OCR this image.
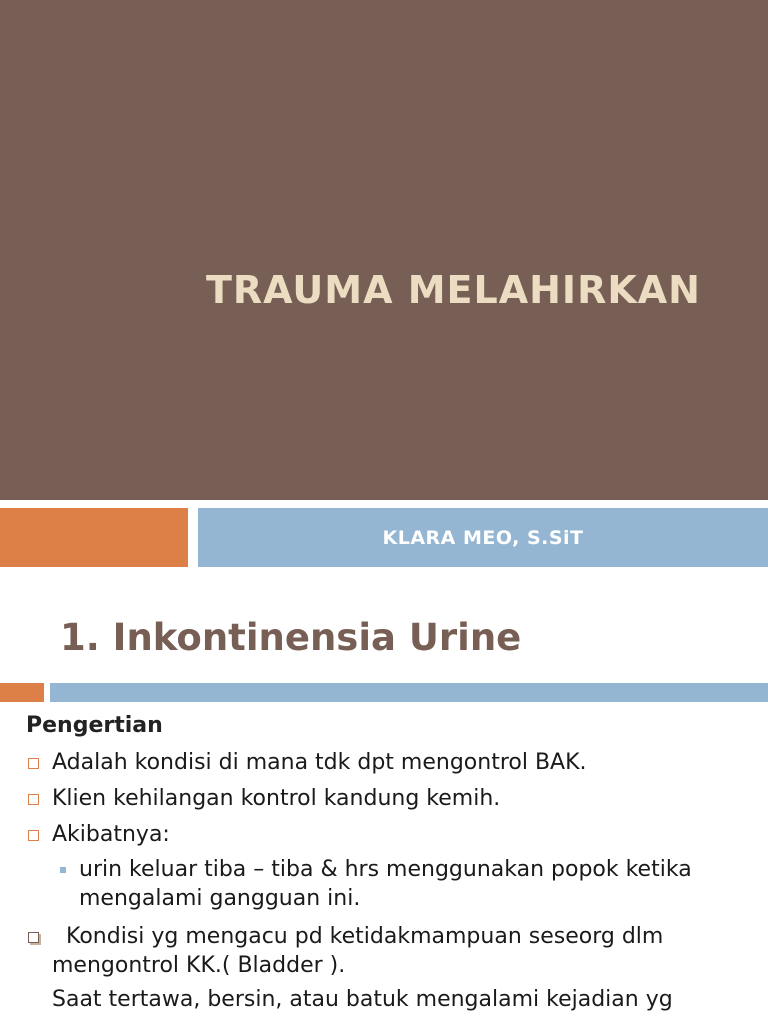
TRAUMA MELAHIRKAN
KLARA MEO, S.SiT
1. Inkontinensia Urine
Pengertian
Adalah kondisi di mana tdk dpt mengontrol BAK.
Klien kehilangan kontrol kandung kemih.
Akibatnya:
urin keluar tiba – tiba & hrs menggunakan popok ketika
mengalami gangguan ini.
Kondisi yg mengacu pd ketidakmampuan seseorg dlm
mengontrol KK.( Bladder ).
Saat tertawa, bersin, atau batuk mengalami kejadian yg
